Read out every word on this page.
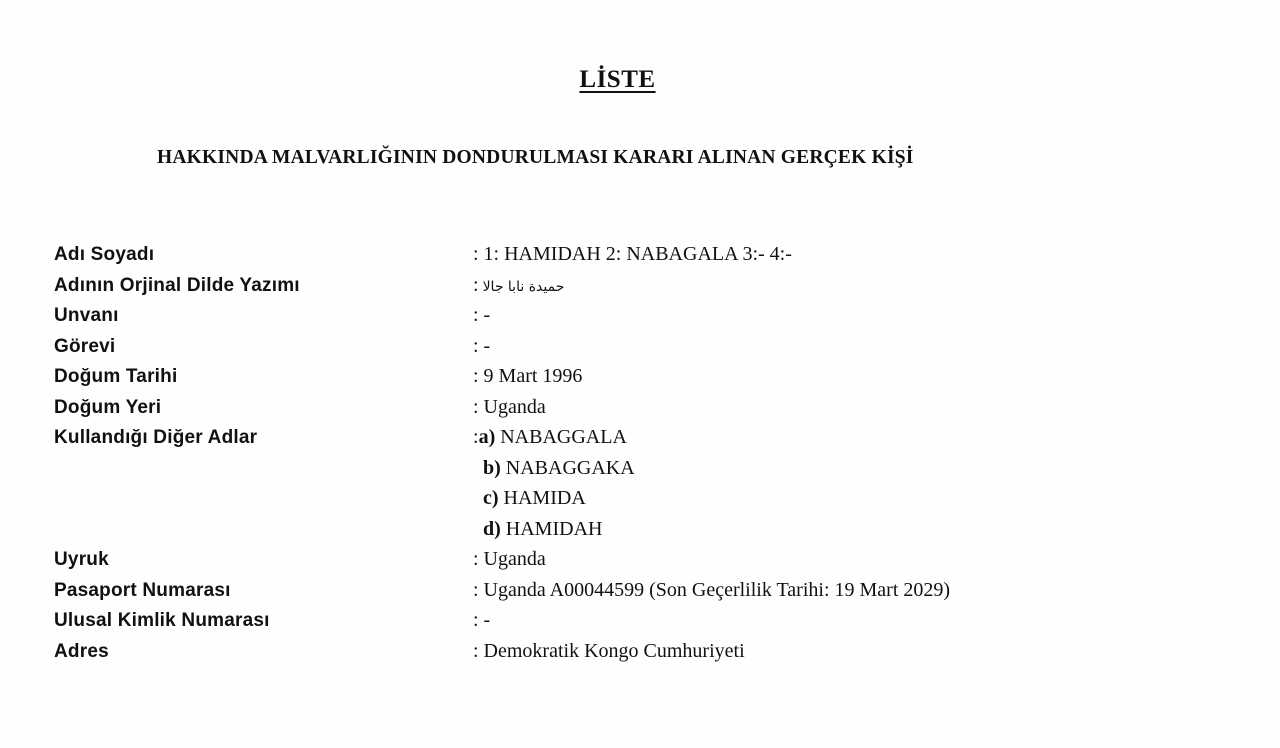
LİSTE
HAKKINDA MALVARLIĞININ DONDURULMASI KARARI ALINAN GERÇEK KİŞİ
Adı Soyadı	: 1: HAMIDAH 2: NABAGALA 3:- 4:-
Adının Orjinal Dilde Yazımı	: حميدة نابا جالا
Unvanı	: -
Görevi	: -
Doğum Tarihi	: 9 Mart 1996
Doğum Yeri	: Uganda
Kullandığı Diğer Adlar	:a) NABAGGALA
b) NABAGGAKA
c) HAMIDA
d) HAMIDAH
Uyruk	: Uganda
Pasaport Numarası	: Uganda A00044599 (Son Geçerlilik Tarihi: 19 Mart 2029)
Ulusal Kimlik Numarası	: -
Adres	: Demokratik Kongo Cumhuriyeti
